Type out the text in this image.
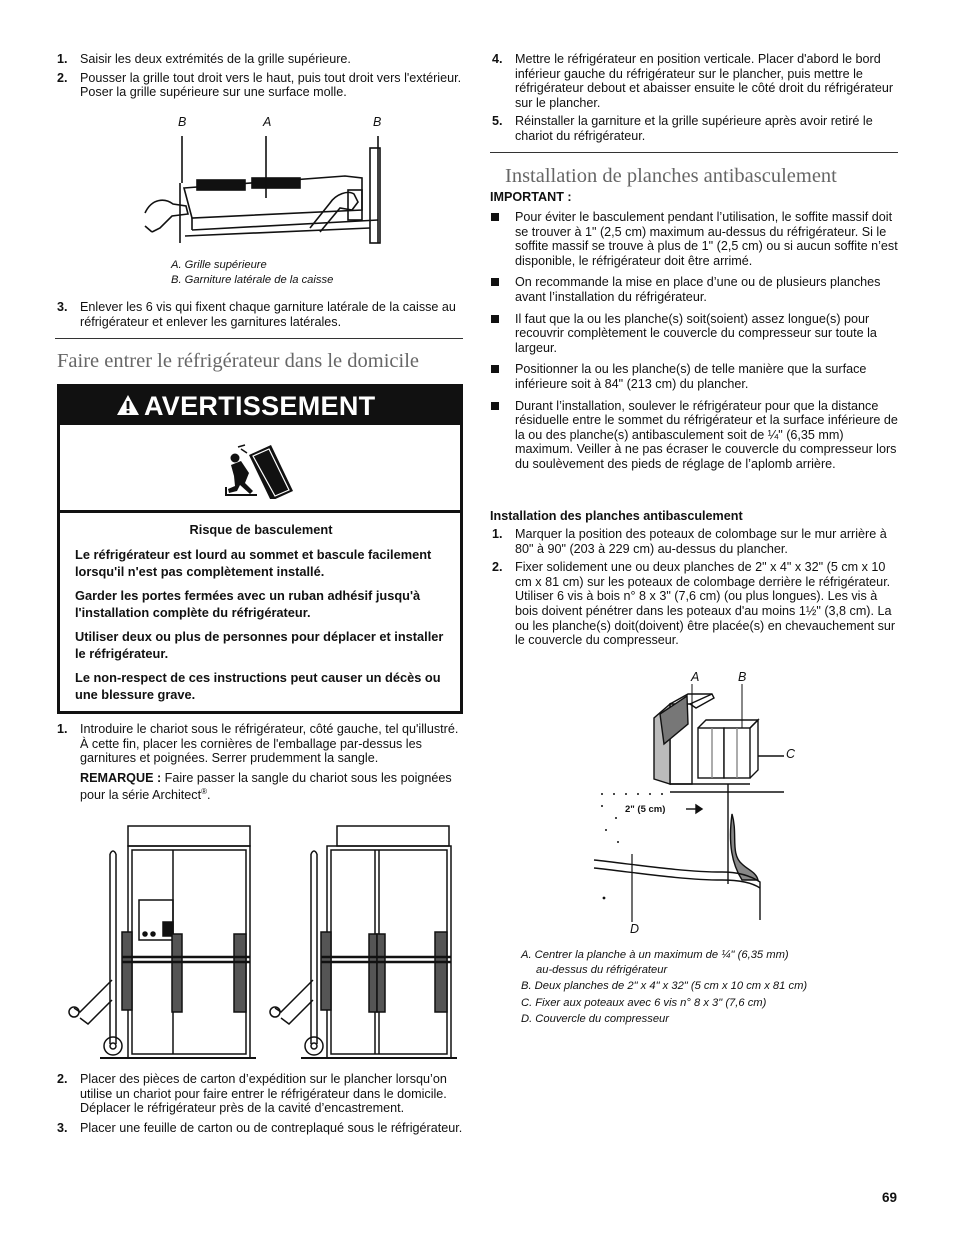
1. Saisir les deux extrémités de la grille supérieure.
2. Pousser la grille tout droit vers le haut, puis tout droit vers l'extérieur. Poser la grille supérieure sur une surface molle.
B	A	B
A. Grille supérieure
B. Garniture latérale de la caisse
3. Enlever les 6 vis qui fixent chaque garniture latérale de la caisse au réfrigérateur et enlever les garnitures latérales.
Faire entrer le réfrigérateur dans le domicile
AVERTISSEMENT

Risque de basculement

Le réfrigérateur est lourd au sommet et bascule facilement lorsqu'il n'est pas complètement installé.

Garder les portes fermées avec un ruban adhésif jusqu'à l'installation complète du réfrigérateur.

Utiliser deux ou plus de personnes pour déplacer et installer le réfrigérateur.

Le non-respect de ces instructions peut causer un décès ou une blessure grave.

1. Introduire le chariot sous le réfrigérateur, côté gauche, tel qu'illustré. À cette fin, placer les cornières de l'emballage par-dessus les garnitures et poignées. Serrer prudemment la sangle.
REMARQUE : Faire passer la sangle du chariot sous les poignées pour la série Architect®.
2. Placer des pièces de carton d’expédition sur le plancher lorsqu’on utilise un chariot pour faire entrer le réfrigérateur dans le domicile. Déplacer le réfrigérateur près de la cavité d’encastrement.
3. Placer une feuille de carton ou de contreplaqué sous le réfrigérateur.
4. Mettre le réfrigérateur en position verticale. Placer d'abord le bord inférieur gauche du réfrigérateur sur le plancher, puis mettre le réfrigérateur debout et abaisser ensuite le côté droit du réfrigérateur sur le plancher.
5. Réinstaller la garniture et la grille supérieure après avoir retiré le chariot du réfrigérateur.
Installation de planches antibasculement
IMPORTANT :
Pour éviter le basculement pendant l’utilisation, le soffite massif doit se trouver à 1" (2,5 cm) maximum au-dessus du réfrigérateur. Si le soffite massif se trouve à plus de 1" (2,5 cm) ou si aucun soffite n’est disponible, le réfrigérateur doit être arrimé.
On recommande la mise en place d’une ou de plusieurs planches avant l’installation du réfrigérateur.
Il faut que la ou les planche(s) soit(soient) assez longue(s) pour recouvrir complètement le couvercle du compresseur sur toute la largeur.
Positionner la ou les planche(s) de telle manière que la surface inférieure soit à 84" (213 cm) du plancher.
Durant l’installation, soulever le réfrigérateur pour que la distance résiduelle entre le sommet du réfrigérateur et la surface inférieure de la ou des planche(s) antibasculement soit de ¼" (6,35 mm) maximum. Veiller à ne pas écraser le couvercle du compresseur lors du soulèvement des pieds de réglage de l’aplomb arrière.
Installation des planches antibasculement
1. Marquer la position des poteaux de colombage sur le mur arrière à 80" à 90" (203 à 229 cm) au-dessus du plancher.
2. Fixer solidement une ou deux planches de 2" x 4" x 32" (5 cm x 10 cm x 81 cm) sur les poteaux de colombage derrière le réfrigérateur. Utiliser 6 vis à bois n° 8 x 3" (7,6 cm) (ou plus longues). Les vis à bois doivent pénétrer dans les poteaux d'au moins 1½" (3,8 cm). La ou les planche(s) doit(doivent) être placée(s) en chevauchement sur le couvercle du compresseur.
A	B
C
D
2" (5 cm)
A. Centrer la planche à un maximum de ¼" (6,35 mm)
au-dessus du réfrigérateur
B. Deux planches de 2" x 4" x 32" (5 cm x 10 cm x 81 cm)
C. Fixer aux poteaux avec 6 vis n° 8 x 3" (7,6 cm)
D. Couvercle du compresseur
69
